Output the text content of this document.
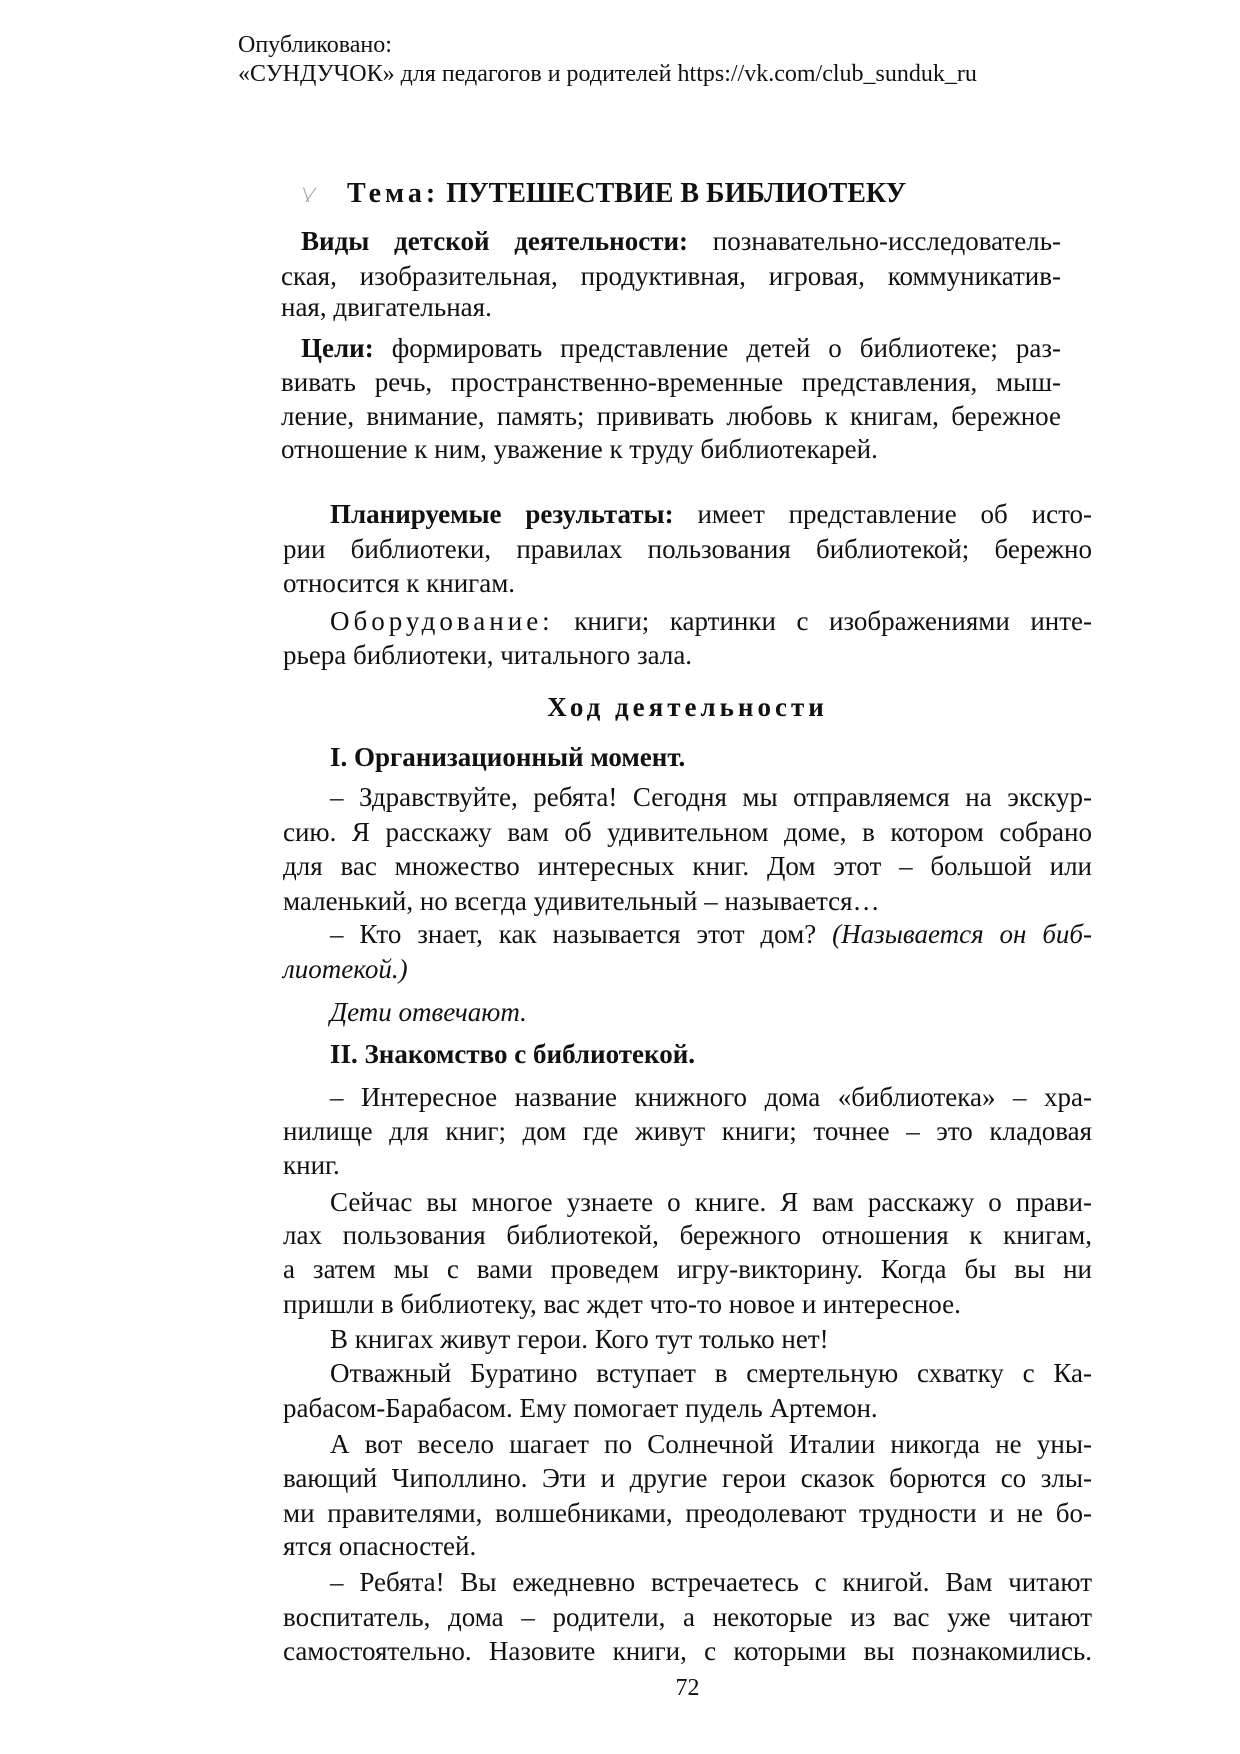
Опубликовано:
«СУНДУЧОК» для педагогов и родителей https://vk.com/club_sunduk_ru
\⁄ Тема: ПУТЕШЕСТВИЕ В БИБЛИОТЕКУ
Виды детской деятельности: познавательно-исследователь-
ская, изобразительная, продуктивная, игровая, коммуникатив-
ная, двигательная.
Цели: формировать представление детей о библиотеке; раз-
вивать речь, пространственно-временные представления, мыш-
ление, внимание, память; прививать любовь к книгам, бережное
отношение к ним, уважение к труду библиотекарей.
Планируемые результаты: имеет представление об исто-
рии библиотеки, правилах пользования библиотекой; бережно
относится к книгам.
Оборудование: книги; картинки с изображениями инте-
рьера библиотеки, читального зала.
Ход деятельности
I. Организационный момент.
– Здравствуйте, ребята! Сегодня мы отправляемся на экскур-
сию. Я расскажу вам об удивительном доме, в котором собрано
для вас множество интересных книг. Дом этот – большой или
маленький, но всегда удивительный – называется…
– Кто знает, как называется этот дом? (Называется он биб-
лиотекой.)
Дети отвечают.
II. Знакомство с библиотекой.
– Интересное название книжного дома «библиотека» – хра-
нилище для книг; дом где живут книги; точнее – это кладовая
книг.
Сейчас вы многое узнаете о книге. Я вам расскажу о прави-
лах пользования библиотекой, бережного отношения к книгам,
а затем мы с вами проведем игру-викторину. Когда бы вы ни
пришли в библиотеку, вас ждет что-то новое и интересное.
В книгах живут герои. Кого тут только нет!
Отважный Буратино вступает в смертельную схватку с Ка-
рабасом-Барабасом. Ему помогает пудель Артемон.
А вот весело шагает по Солнечной Италии никогда не уны-
вающий Чиполлино. Эти и другие герои сказок борются со злы-
ми правителями, волшебниками, преодолевают трудности и не бо-
ятся опасностей.
– Ребята! Вы ежедневно встречаетесь с книгой. Вам читают
воспитатель, дома – родители, а некоторые из вас уже читают
самостоятельно. Назовите книги, с которыми вы познакомились.
72
